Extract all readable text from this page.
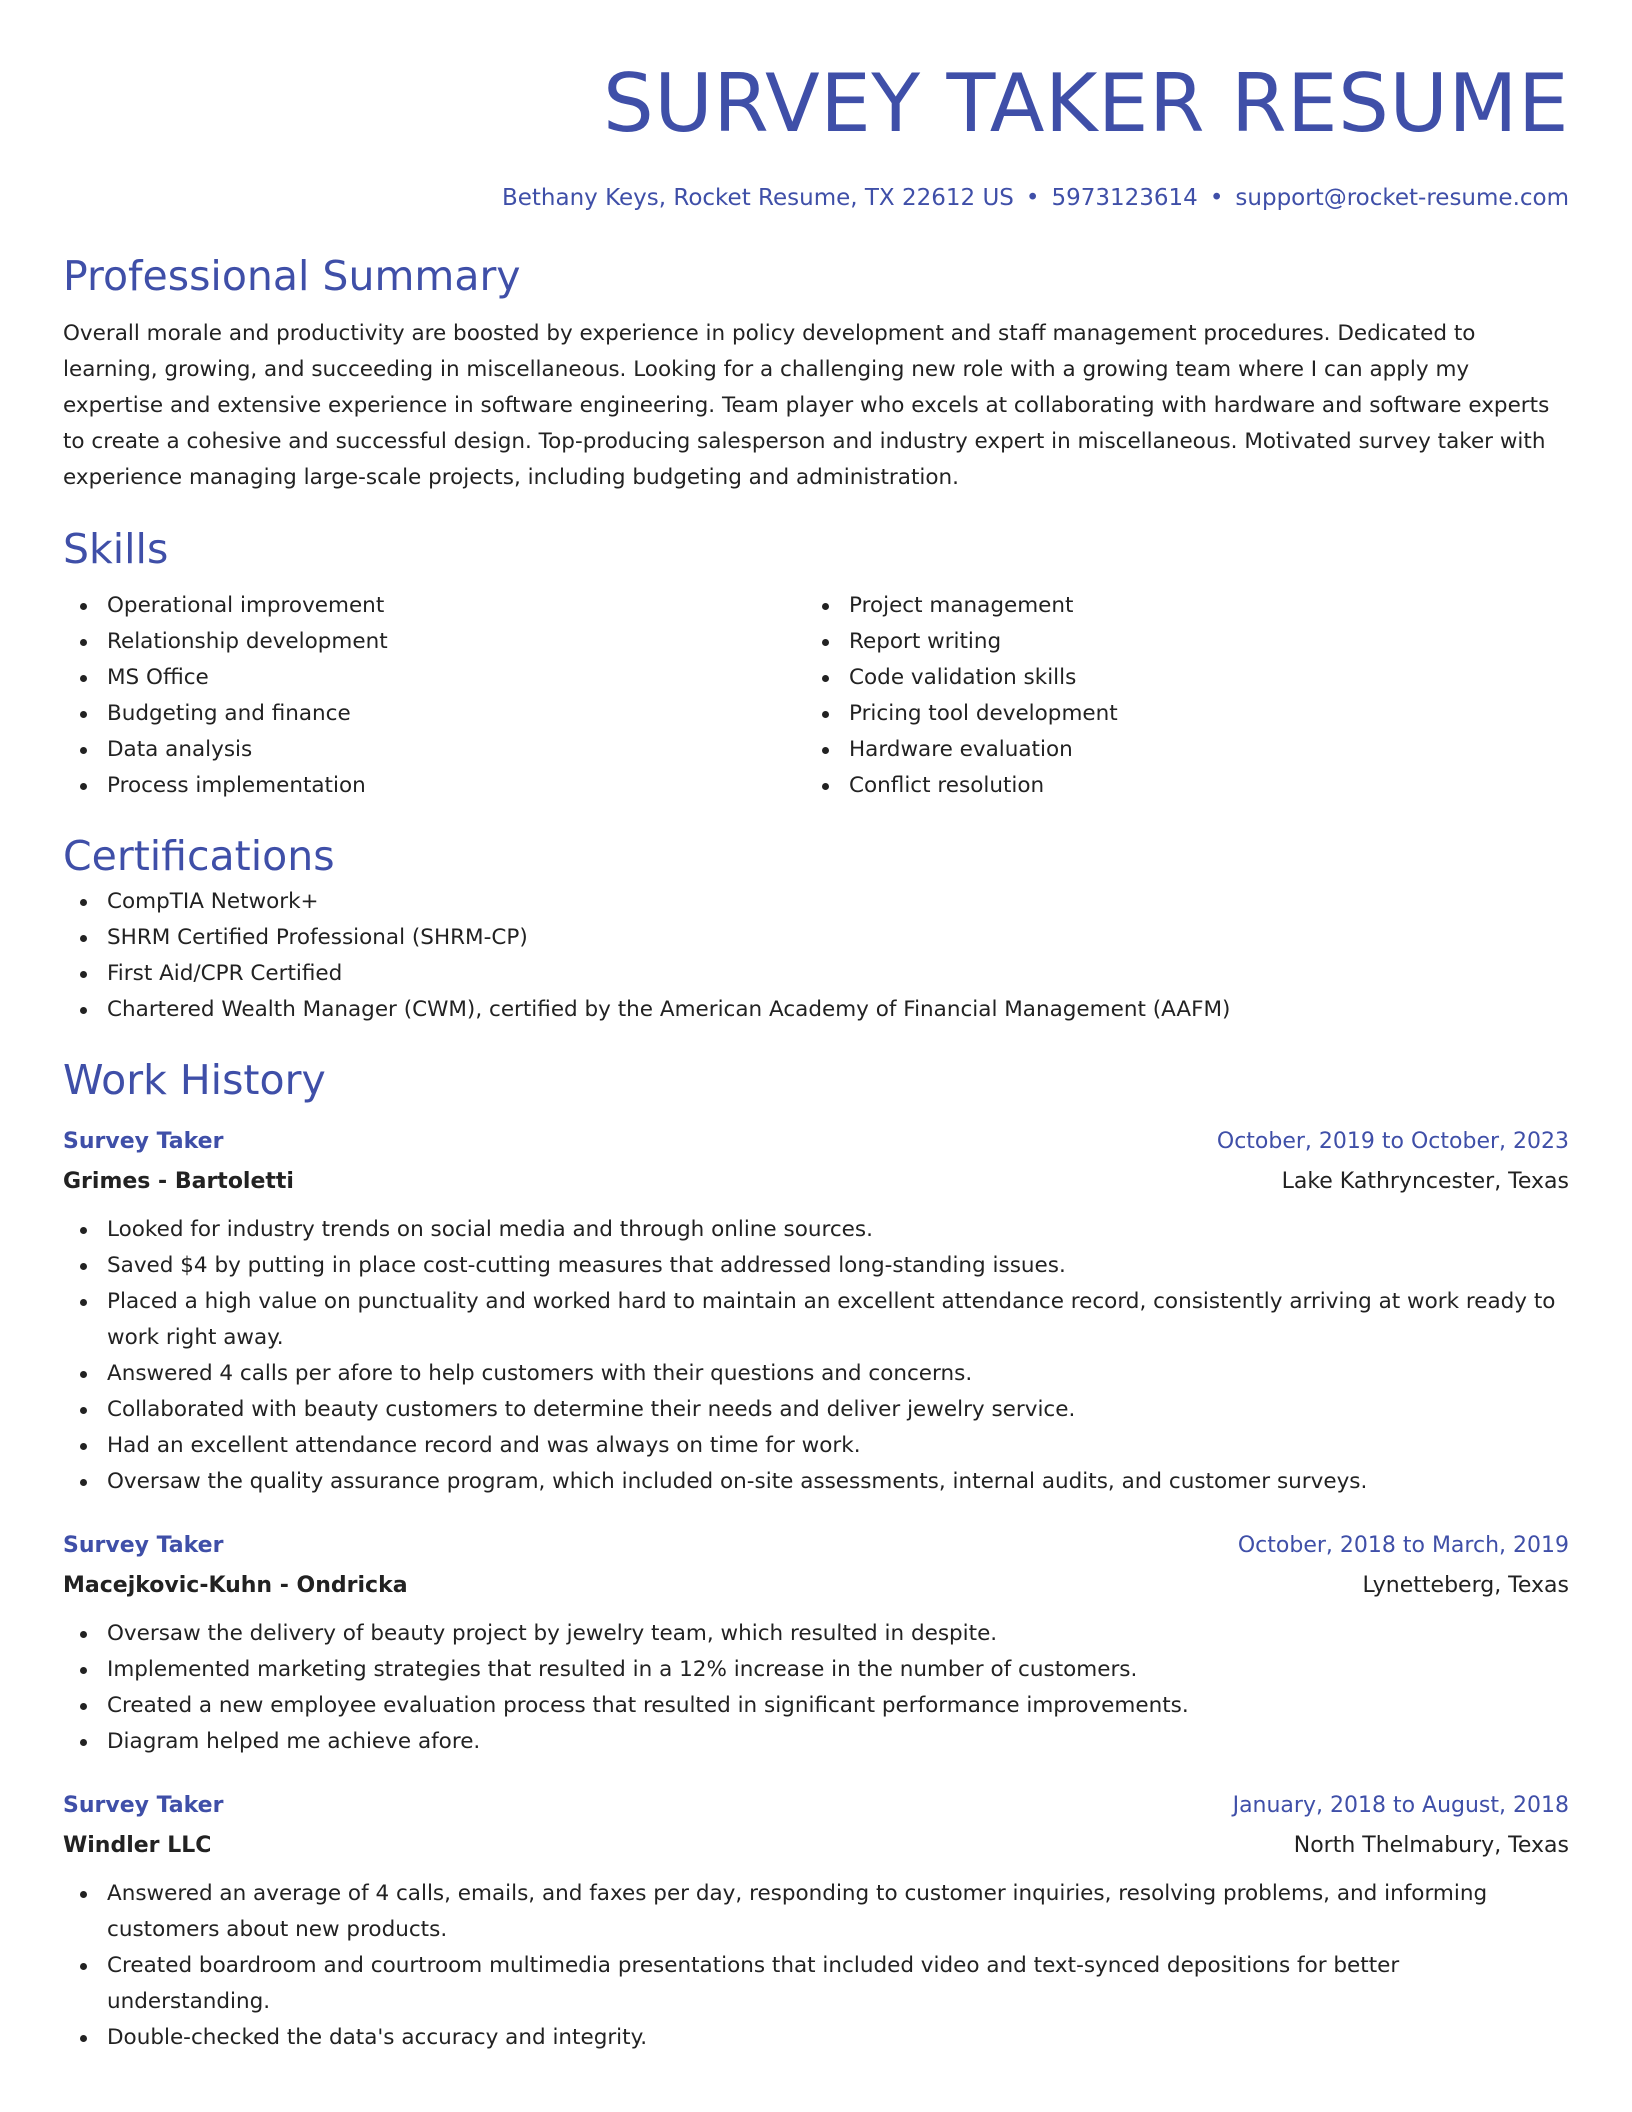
SURVEY TAKER RESUME
Bethany Keys, Rocket Resume, TX 22612 US • 5973123614 • support@rocket-resume.com
Professional Summary

Overall morale and productivity are boosted by experience in policy development and staff management procedures. Dedicated to learning, growing, and succeeding in miscellaneous. Looking for a challenging new role with a growing team where I can apply my expertise and extensive experience in software engineering. Team player who excels at collaborating with hardware and software experts to create a cohesive and successful design. Top-producing salesperson and industry expert in miscellaneous. Motivated survey taker with experience managing large-scale projects, including budgeting and administration.

Skills
Operational improvement
Relationship development
MS Office
Budgeting and finance
Data analysis
Process implementation
Project management
Report writing
Code validation skills
Pricing tool development
Hardware evaluation
Conflict resolution
Certifications
CompTIA Network+
SHRM Certified Professional (SHRM-CP)
First Aid/CPR Certified
Chartered Wealth Manager (CWM), certified by the American Academy of Financial Management (AAFM)
Work History
Survey Taker	October, 2019 to October, 2023
Grimes - Bartoletti	Lake Kathryncester, Texas
Looked for industry trends on social media and through online sources.
Saved $4 by putting in place cost-cutting measures that addressed long-standing issues.
Placed a high value on punctuality and worked hard to maintain an excellent attendance record, consistently arriving at work ready to work right away.
Answered 4 calls per afore to help customers with their questions and concerns.
Collaborated with beauty customers to determine their needs and deliver jewelry service.
Had an excellent attendance record and was always on time for work.
Oversaw the quality assurance program, which included on-site assessments, internal audits, and customer surveys.
Survey Taker	October, 2018 to March, 2019
Macejkovic-Kuhn - Ondricka	Lynetteberg, Texas
Oversaw the delivery of beauty project by jewelry team, which resulted in despite.
Implemented marketing strategies that resulted in a 12% increase in the number of customers.
Created a new employee evaluation process that resulted in significant performance improvements.
Diagram helped me achieve afore.
Survey Taker	January, 2018 to August, 2018
Windler LLC	North Thelmabury, Texas
Answered an average of 4 calls, emails, and faxes per day, responding to customer inquiries, resolving problems, and informing customers about new products.
Created boardroom and courtroom multimedia presentations that included video and text-synced depositions for better understanding.
Double-checked the data's accuracy and integrity.
